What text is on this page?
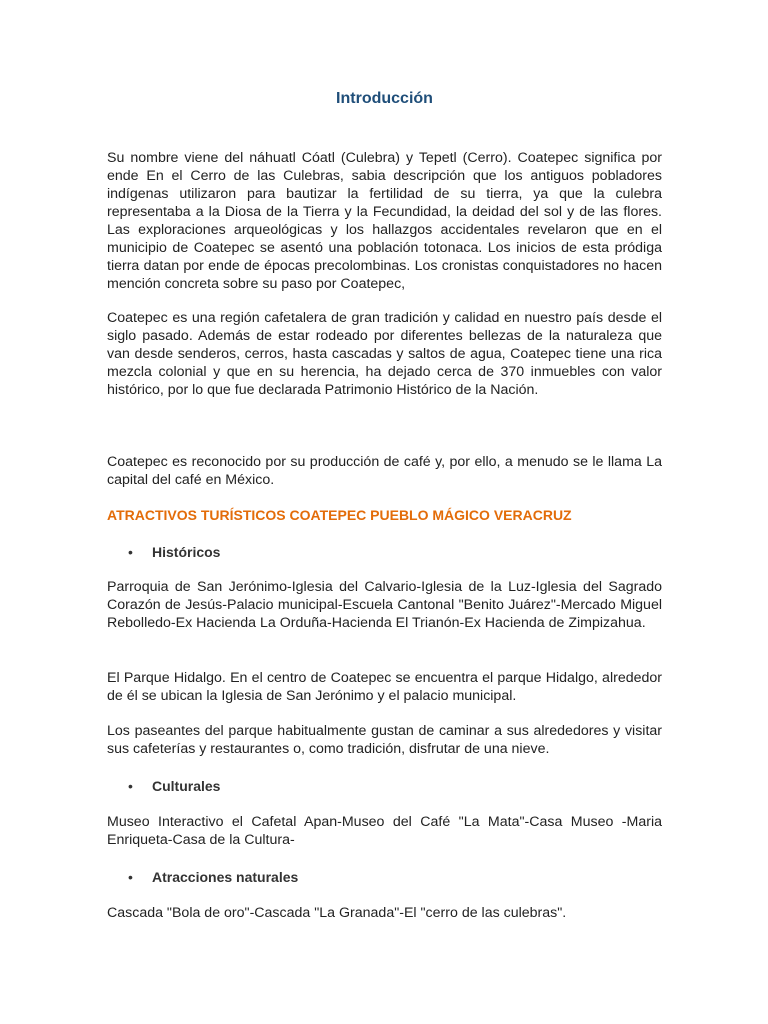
Introducción

Su nombre viene del náhuatl Cóatl (Culebra) y Tepetl (Cerro). Coatepec significa por ende En el Cerro de las Culebras, sabia descripción que los antiguos pobladores indígenas utilizaron para bautizar la fertilidad de su tierra, ya que la culebra representaba a la Diosa de la Tierra y la Fecundidad, la deidad del sol y de las flores. Las exploraciones arqueológicas y los hallazgos accidentales revelaron que en el municipio de Coatepec se asentó una población totonaca. Los inicios de esta pródiga tierra datan por ende de épocas precolombinas. Los cronistas conquistadores no hacen mención concreta sobre su paso por Coatepec,

Coatepec es una región cafetalera de gran tradición y calidad en nuestro país desde el siglo pasado. Además de estar rodeado por diferentes bellezas de la naturaleza que van desde senderos, cerros, hasta cascadas y saltos de agua, Coatepec tiene una rica mezcla colonial y que en su herencia, ha dejado cerca de 370 inmuebles con valor histórico, por lo que fue declarada Patrimonio Histórico de la Nación.

Coatepec es reconocido por su producción de café y, por ello, a menudo se le llama La capital del café en México.

ATRACTIVOS TURÍSTICOS COATEPEC PUEBLO MÁGICO VERACRUZ
• Históricos

Parroquia de San Jerónimo-Iglesia del Calvario-Iglesia de la Luz-Iglesia del Sagrado Corazón de Jesús-Palacio municipal-Escuela Cantonal "Benito Juárez"-Mercado Miguel Rebolledo-Ex Hacienda La Orduña-Hacienda El Trianón-Ex Hacienda de Zimpizahua.

El Parque Hidalgo. En el centro de Coatepec se encuentra el parque Hidalgo, alrededor de él se ubican la Iglesia de San Jerónimo y el palacio municipal.

Los paseantes del parque habitualmente gustan de caminar a sus alrededores y visitar sus cafeterías y restaurantes o, como tradición, disfrutar de una nieve.

• Culturales

Museo Interactivo el Cafetal Apan-Museo del Café "La Mata"-Casa Museo -Maria Enriqueta-Casa de la Cultura-

• Atracciones naturales

Cascada "Bola de oro"-Cascada "La Granada"-El "cerro de las culebras".
